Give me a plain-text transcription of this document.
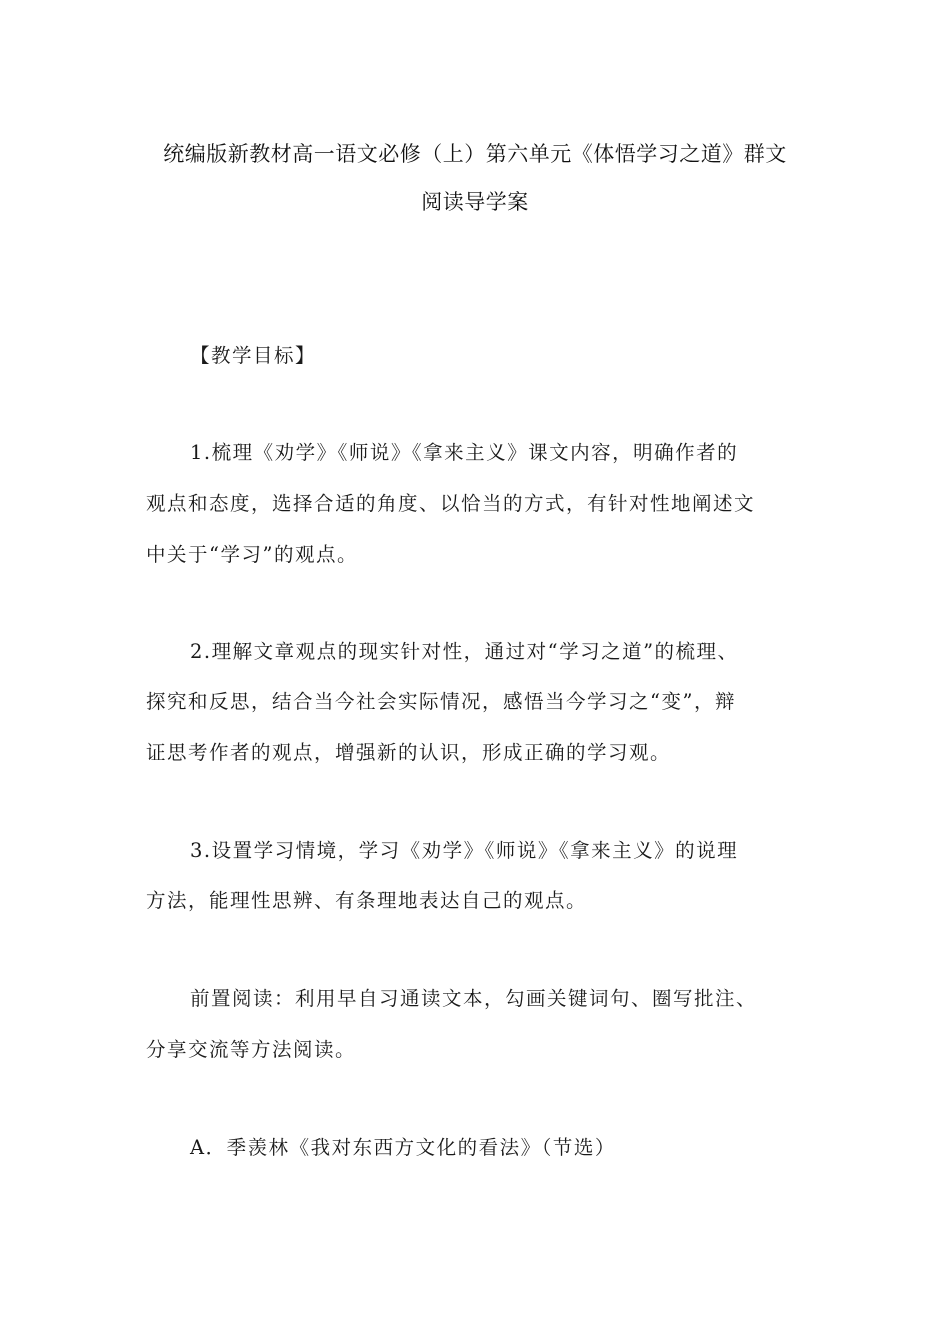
统编版新教材高一语文必修（上）第六单元《体悟学习之道》群文
阅读导学案
【教学目标】
1.梳理《劝学》《师说》《拿来主义》课文内容，明确作者的
观点和态度，选择合适的角度、以恰当的方式，有针对性地阐述文
中关于“学习”的观点。
2.理解文章观点的现实针对性，通过对“学习之道”的梳理、
探究和反思，结合当今社会实际情况，感悟当今学习之“变”，辩
证思考作者的观点，增强新的认识，形成正确的学习观。
3.设置学习情境，学习《劝学》《师说》《拿来主义》的说理
方法，能理性思辨、有条理地表达自己的观点。
前置阅读：利用早自习通读文本，勾画关键词句、圈写批注、
分享交流等方法阅读。
A．季羡林《我对东西方文化的看法》（节选）
